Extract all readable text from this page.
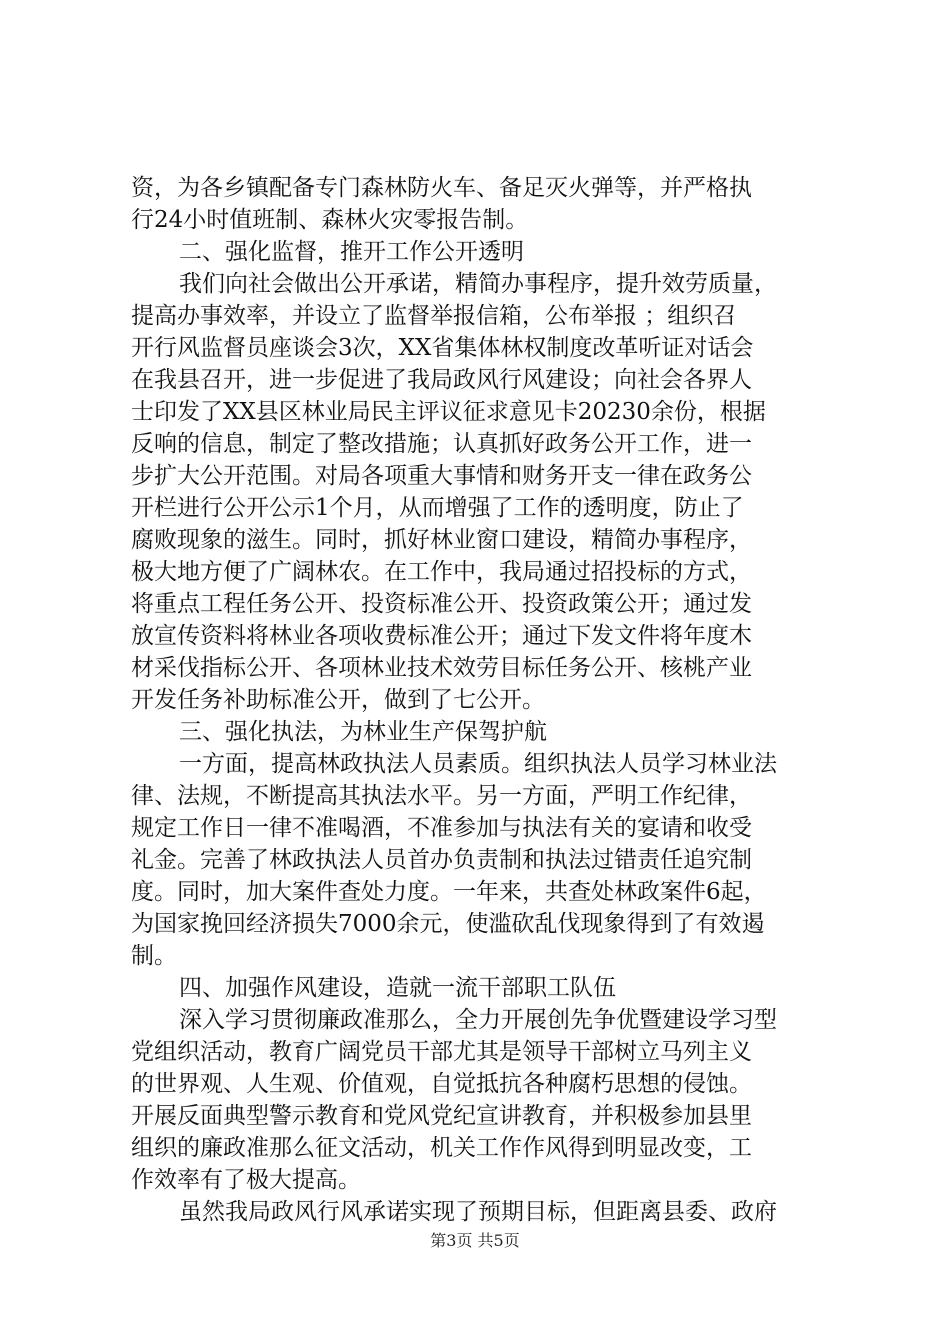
资，为各乡镇配备专门森林防火车、备足灭火弹等，并严格执
行24小时值班制、森林火灾零报告制。
二、强化监督，推开工作公开透明
我们向社会做出公开承诺，精简办事程序，提升效劳质量，
提高办事效率，并设立了监督举报信箱，公布举报 ；组织召
开行风监督员座谈会3次，XX省集体林权制度改革听证对话会
在我县召开，进一步促进了我局政风行风建设；向社会各界人
士印发了XX县区林业局民主评议征求意见卡20230余份，根据
反响的信息，制定了整改措施；认真抓好政务公开工作，进一
步扩大公开范围。对局各项重大事情和财务开支一律在政务公
开栏进行公开公示1个月，从而增强了工作的透明度，防止了
腐败现象的滋生。同时，抓好林业窗口建设，精简办事程序，
极大地方便了广阔林农。在工作中，我局通过招投标的方式，
将重点工程任务公开、投资标准公开、投资政策公开；通过发
放宣传资料将林业各项收费标准公开；通过下发文件将年度木
材采伐指标公开、各项林业技术效劳目标任务公开、核桃产业
开发任务补助标准公开，做到了七公开。
三、强化执法，为林业生产保驾护航
一方面，提高林政执法人员素质。组织执法人员学习林业法
律、法规，不断提高其执法水平。另一方面，严明工作纪律，
规定工作日一律不准喝酒，不准参加与执法有关的宴请和收受
礼金。完善了林政执法人员首办负责制和执法过错责任追究制
度。同时，加大案件查处力度。一年来，共查处林政案件6起，
为国家挽回经济损失7000余元，使滥砍乱伐现象得到了有效遏
制。
四、加强作风建设，造就一流干部职工队伍
深入学习贯彻廉政准那么，全力开展创先争优暨建设学习型
党组织活动，教育广阔党员干部尤其是领导干部树立马列主义
的世界观、人生观、价值观，自觉抵抗各种腐朽思想的侵蚀。
开展反面典型警示教育和党风党纪宣讲教育，并积极参加县里
组织的廉政准那么征文活动，机关工作作风得到明显改变，工
作效率有了极大提高。
虽然我局政风行风承诺实现了预期目标，但距离县委、政府
第3页 共5页
